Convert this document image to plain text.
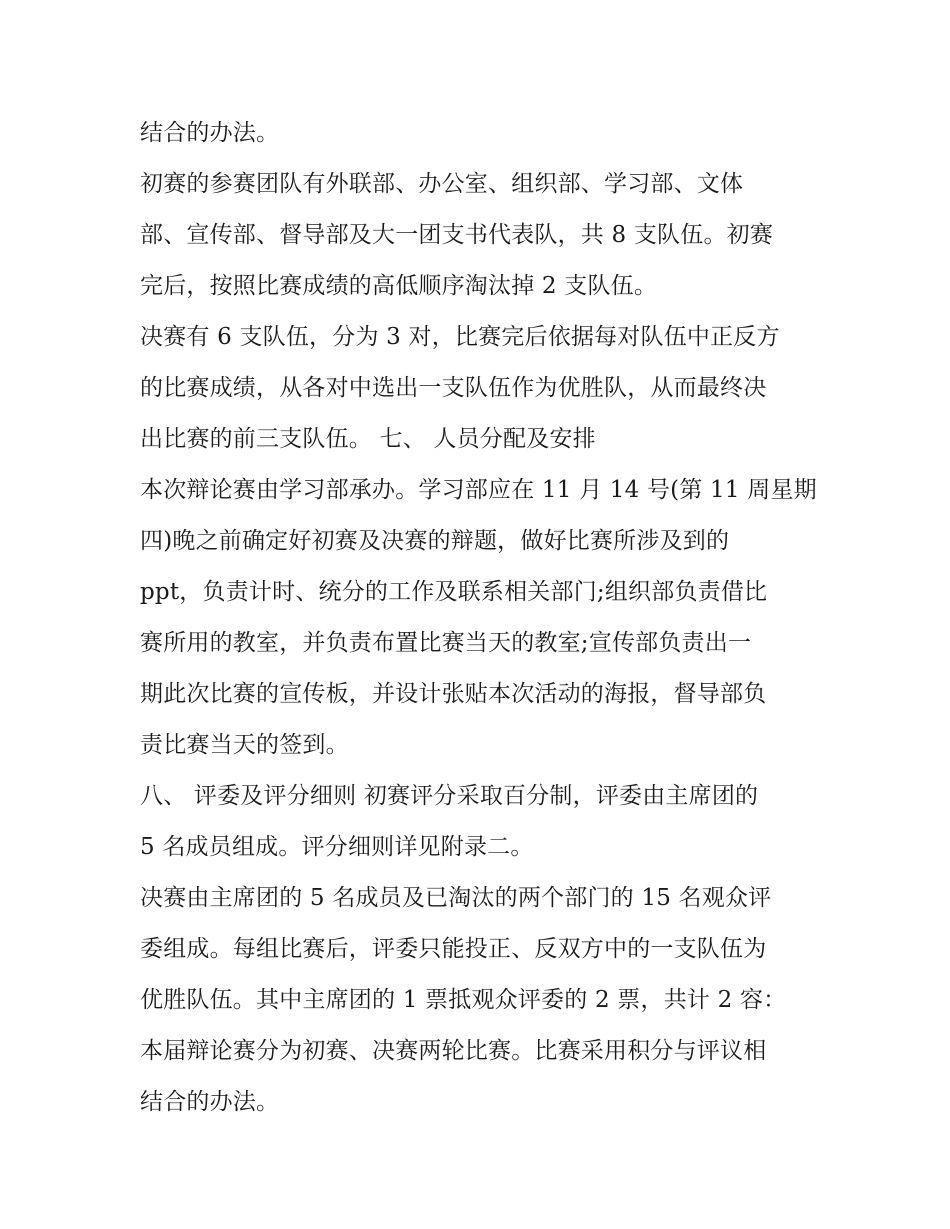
结合的办法。
初赛的参赛团队有外联部、办公室、组织部、学习部、文体
部、宣传部、督导部及大一团支书代表队，共 8 支队伍。初赛
完后，按照比赛成绩的高低顺序淘汰掉 2 支队伍。
决赛有 6 支队伍，分为 3 对，比赛完后依据每对队伍中正反方
的比赛成绩，从各对中选出一支队伍作为优胜队，从而最终决
出比赛的前三支队伍。 七、 人员分配及安排
本次辩论赛由学习部承办。学习部应在 11 月 14 号(第 11 周星期
四)晚之前确定好初赛及决赛的辩题，做好比赛所涉及到的
ppt，负责计时、统分的工作及联系相关部门;组织部负责借比
赛所用的教室，并负责布置比赛当天的教室;宣传部负责出一
期此次比赛的宣传板，并设计张贴本次活动的海报，督导部负
责比赛当天的签到。
八、 评委及评分细则 初赛评分采取百分制，评委由主席团的
5 名成员组成。评分细则详见附录二。
决赛由主席团的 5 名成员及已淘汰的两个部门的 15 名观众评
委组成。每组比赛后，评委只能投正、反双方中的一支队伍为
优胜队伍。其中主席团的 1 票抵观众评委的 2 票，共计 2 容：
本届辩论赛分为初赛、决赛两轮比赛。比赛采用积分与评议相
结合的办法。
